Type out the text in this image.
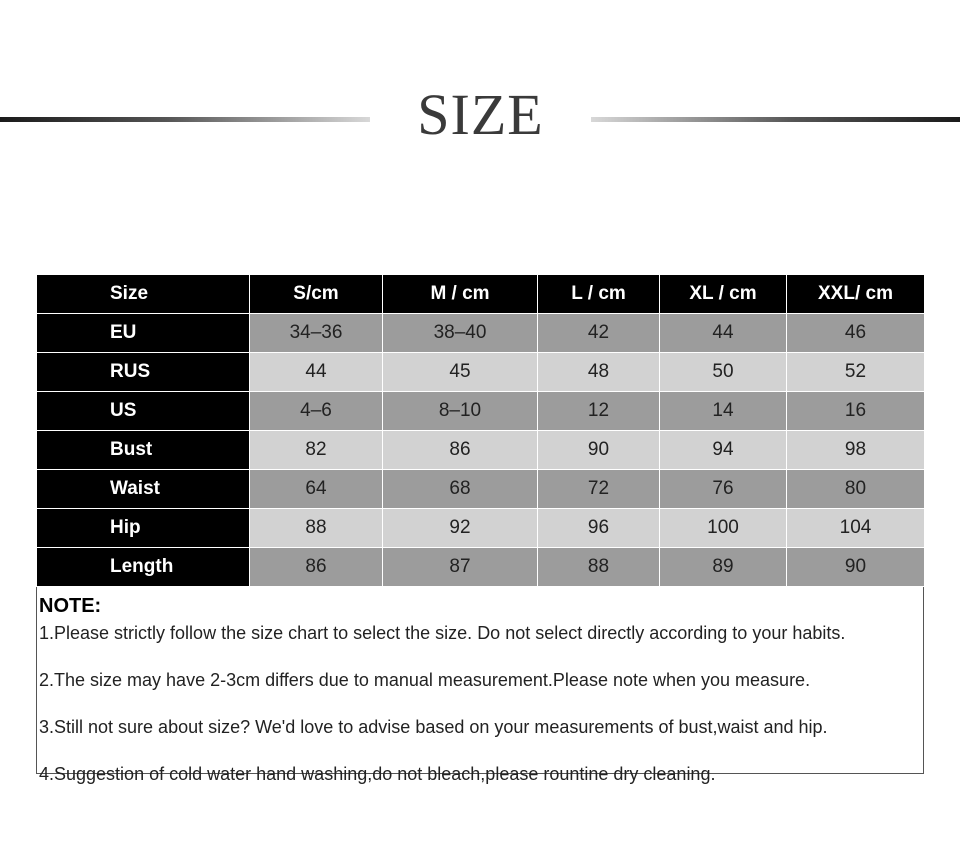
SIZE
Size	S/cm	M / cm	L / cm	XL / cm	XXL/ cm
EU	34–36	38–40	42	44	46
RUS	44	45	48	50	52
US	4–6	8–10	12	14	16
Bust	82	86	90	94	98
Waist	64	68	72	76	80
Hip	88	92	96	100	104
Length	86	87	88	89	90
NOTE:
1.Please strictly follow the size chart to select the size. Do not select directly according to your habits.
2.The size may have 2-3cm differs due to manual measurement.Please note when you measure.
3.Still not sure about size? We'd love to advise based on your measurements of bust,waist and hip.
4.Suggestion of cold water hand washing,do not bleach,please rountine dry cleaning.
